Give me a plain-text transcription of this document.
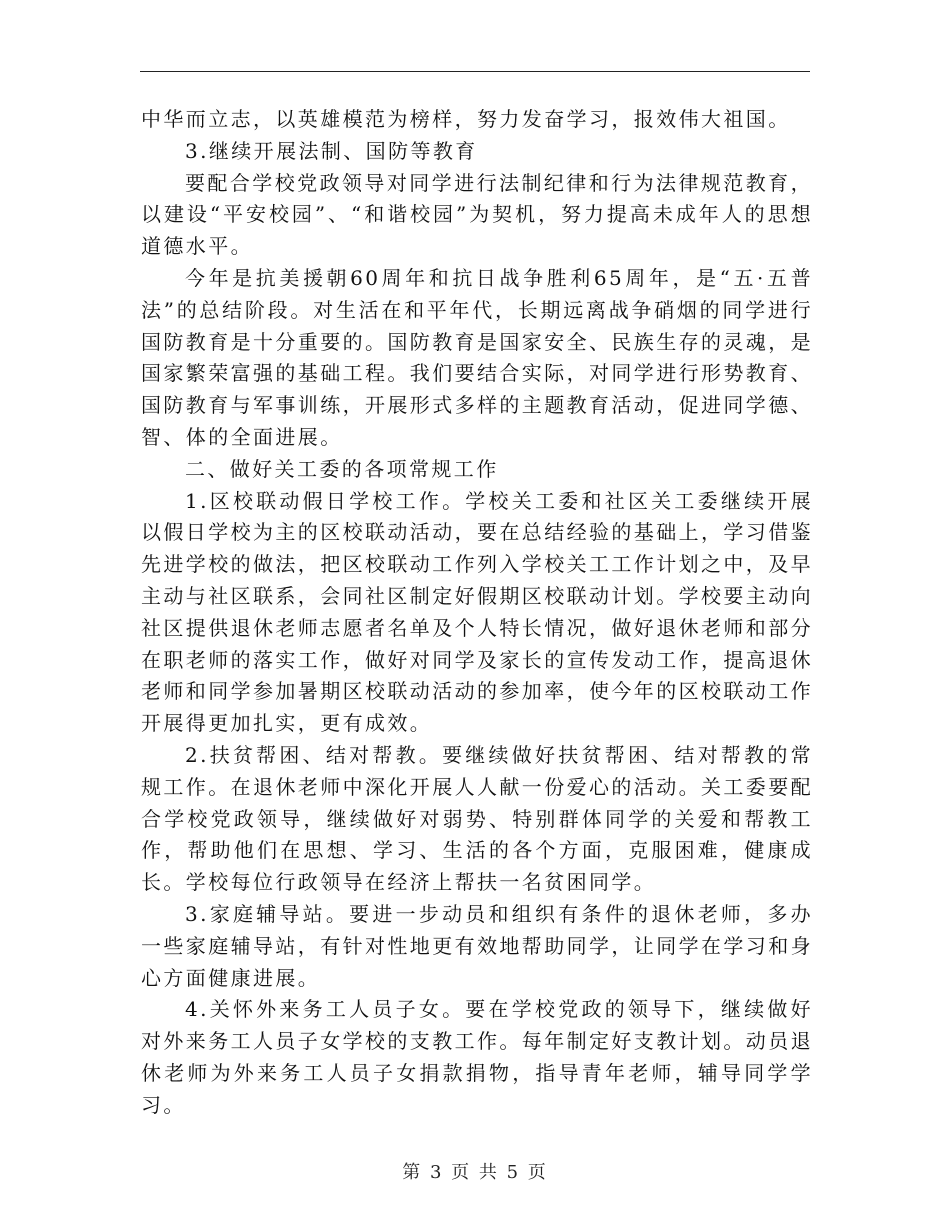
中华而立志，以英雄模范为榜样，努力发奋学习，报效伟大祖国。

3.继续开展法制、国防等教育

要配合学校党政领导对同学进行法制纪律和行为法律规范教育，以建设“平安校园”、“和谐校园”为契机，努力提高未成年人的思想道德水平。

今年是抗美援朝60周年和抗日战争胜利65周年，是“五·五普法”的总结阶段。对生活在和平年代，长期远离战争硝烟的同学进行国防教育是十分重要的。国防教育是国家安全、民族生存的灵魂，是国家繁荣富强的基础工程。我们要结合实际，对同学进行形势教育、国防教育与军事训练，开展形式多样的主题教育活动，促进同学德、智、体的全面进展。

二、做好关工委的各项常规工作

1.区校联动假日学校工作。学校关工委和社区关工委继续开展以假日学校为主的区校联动活动，要在总结经验的基础上，学习借鉴先进学校的做法，把区校联动工作列入学校关工工作计划之中，及早主动与社区联系，会同社区制定好假期区校联动计划。学校要主动向社区提供退休老师志愿者名单及个人特长情况，做好退休老师和部分在职老师的落实工作，做好对同学及家长的宣传发动工作，提高退休老师和同学参加暑期区校联动活动的参加率，使今年的区校联动工作开展得更加扎实，更有成效。

2.扶贫帮困、结对帮教。要继续做好扶贫帮困、结对帮教的常规工作。在退休老师中深化开展人人献一份爱心的活动。关工委要配合学校党政领导，继续做好对弱势、特别群体同学的关爱和帮教工作，帮助他们在思想、学习、生活的各个方面，克服困难，健康成长。学校每位行政领导在经济上帮扶一名贫困同学。

3.家庭辅导站。要进一步动员和组织有条件的退休老师，多办一些家庭辅导站，有针对性地更有效地帮助同学，让同学在学习和身心方面健康进展。

4.关怀外来务工人员子女。要在学校党政的领导下，继续做好对外来务工人员子女学校的支教工作。每年制定好支教计划。动员退休老师为外来务工人员子女捐款捐物，指导青年老师，辅导同学学习。

第 3 页 共 5 页
